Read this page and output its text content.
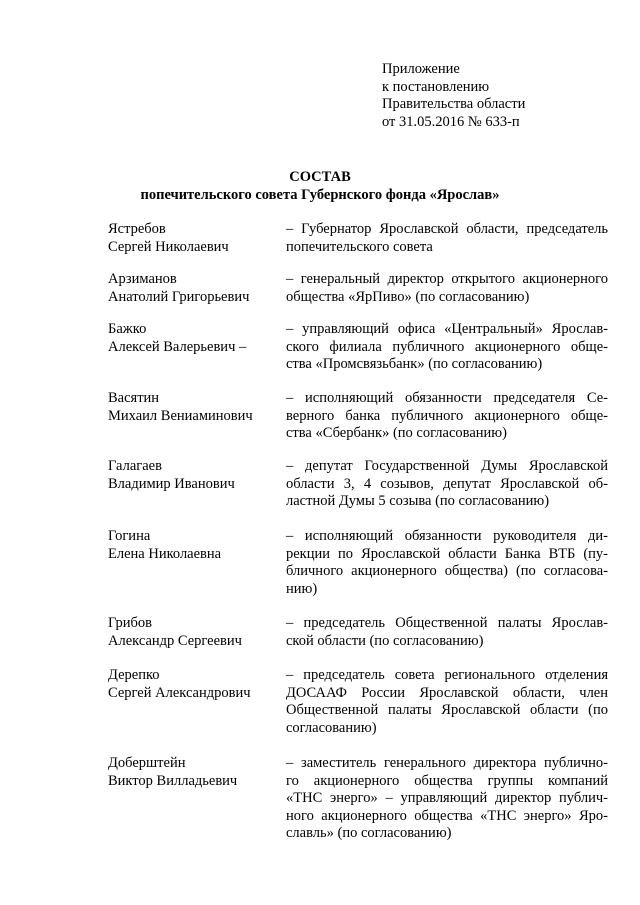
Приложение
к постановлению
Правительства области
от 31.05.2016 № 633-п
СОСТАВ
попечительского совета Губернского фонда «Ярослав»
Ястребов
Сергей Николаевич
– Губернатор Ярославской области, председатель
попечительского совета
Арзиманов
Анатолий Григорьевич
– генеральный директор открытого акционерного
общества «ЯрПиво» (по согласованию)
Бажко
Алексей Валерьевич –
– управляющий офиса «Центральный» Ярослав-
ского филиала публичного акционерного обще-
ства «Промсвязьбанк» (по согласованию)
Васятин
Михаил Вениаминович
– исполняющий обязанности председателя Се-
верного банка публичного акционерного обще-
ства «Сбербанк» (по согласованию)
Галагаев
Владимир Иванович
– депутат Государственной Думы Ярославской
области 3, 4 созывов, депутат Ярославской об-
ластной Думы 5 созыва (по согласованию)
Гогина
Елена Николаевна
– исполняющий обязанности руководителя ди-
рекции по Ярославской области Банка ВТБ (пу-
бличного акционерного общества) (по согласова-
нию)
Грибов
Александр Сергеевич
– председатель Общественной палаты Ярослав-
ской области (по согласованию)
Дерепко
Сергей Александрович
– председатель совета регионального отделения
ДОСААФ России Ярославской области, член
Общественной палаты Ярославской области (по
согласованию)
Доберштейн
Виктор Вилладьевич
– заместитель генерального директора публично-
го акционерного общества группы компаний
«ТНС энерго» – управляющий директор публич-
ного акционерного общества «ТНС энерго» Яро-
славль» (по согласованию)
